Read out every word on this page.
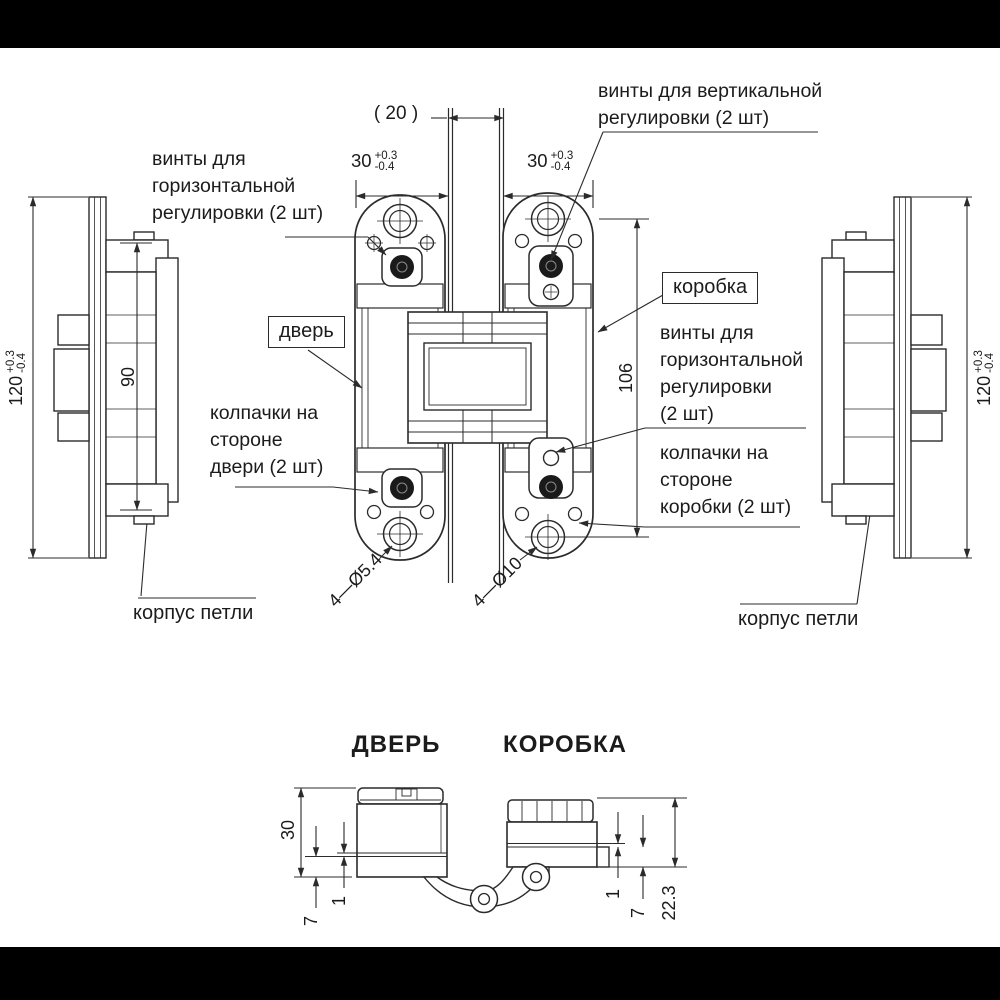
винты для вертикальной
регулировки (2 шт)
винты для
горизонтальной
регулировки (2 шт)
дверь
коробка
винты для
горизонтальной
регулировки
(2 шт)
колпачки на
стороне
коробки (2 шт)
колпачки на
стороне
двери (2 шт)
корпус петли	корпус петли
ДВЕРЬ	КОРОБКА
( 20 )
30 +0.3
-0.4	30 +0.3
-0.4
120
+0.3 -0.4
120
+0.3 -0.4
90	106
4—Ø5.4	4—Ø10
30
7
1
1
7 22.3
